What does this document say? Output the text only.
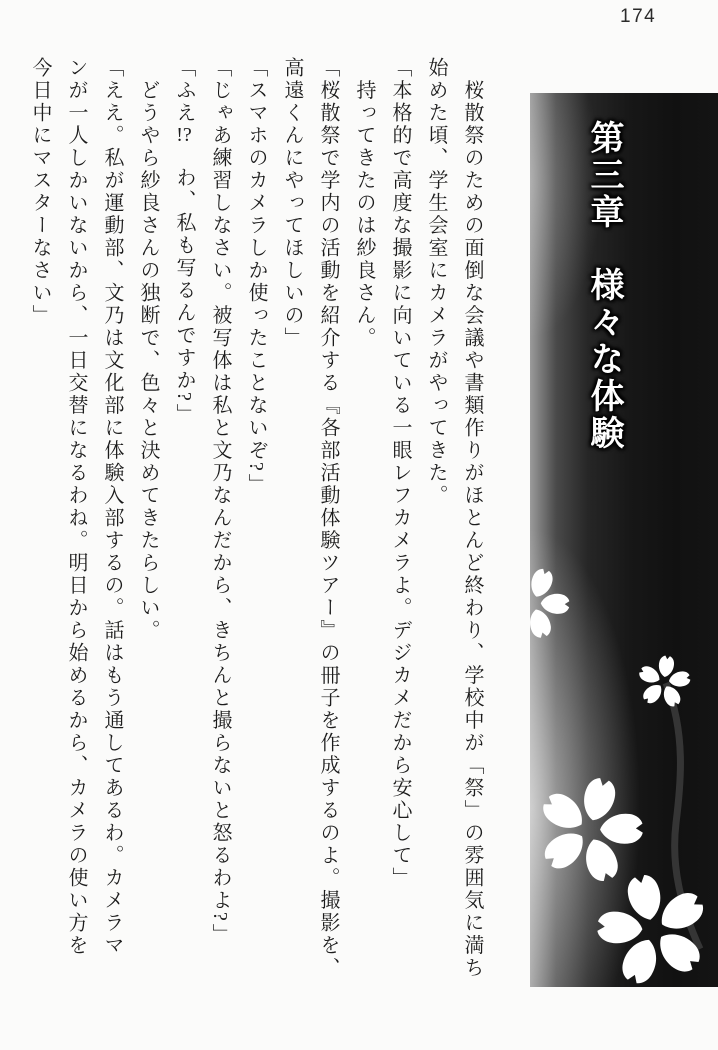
174
第三章様々な体験

　桜散祭のための面倒な会議や書類作りがほとんど終わり、学校中が「祭」の雰囲気に満ち

始めた頃、学生会室にカメラがやってきた。

「本格的で高度な撮影に向いている一眼レフカメラよ。デジカメだから安心して」

　持ってきたのは紗良さん。

「桜散祭で学内の活動を紹介する『各部活動体験ツアー』の冊子を作成するのよ。撮影を、

高遠くんにやってほしいの」

「スマホのカメラしか使ったことないぞ?」

「じゃあ練習しなさい。被写体は私と文乃なんだから、きちんと撮らないと怒るわよ?」

「ふえ!?　わ、私も写るんですか?」

　どうやら紗良さんの独断で、色々と決めてきたらしい。

「ええ。私が運動部、文乃は文化部に体験入部するの。話はもう通してあるわ。カメラマ

ンが一人しかいないから、一日交替になるわね。明日から始めるから、カメラの使い方を

今日中にマスターなさい」
